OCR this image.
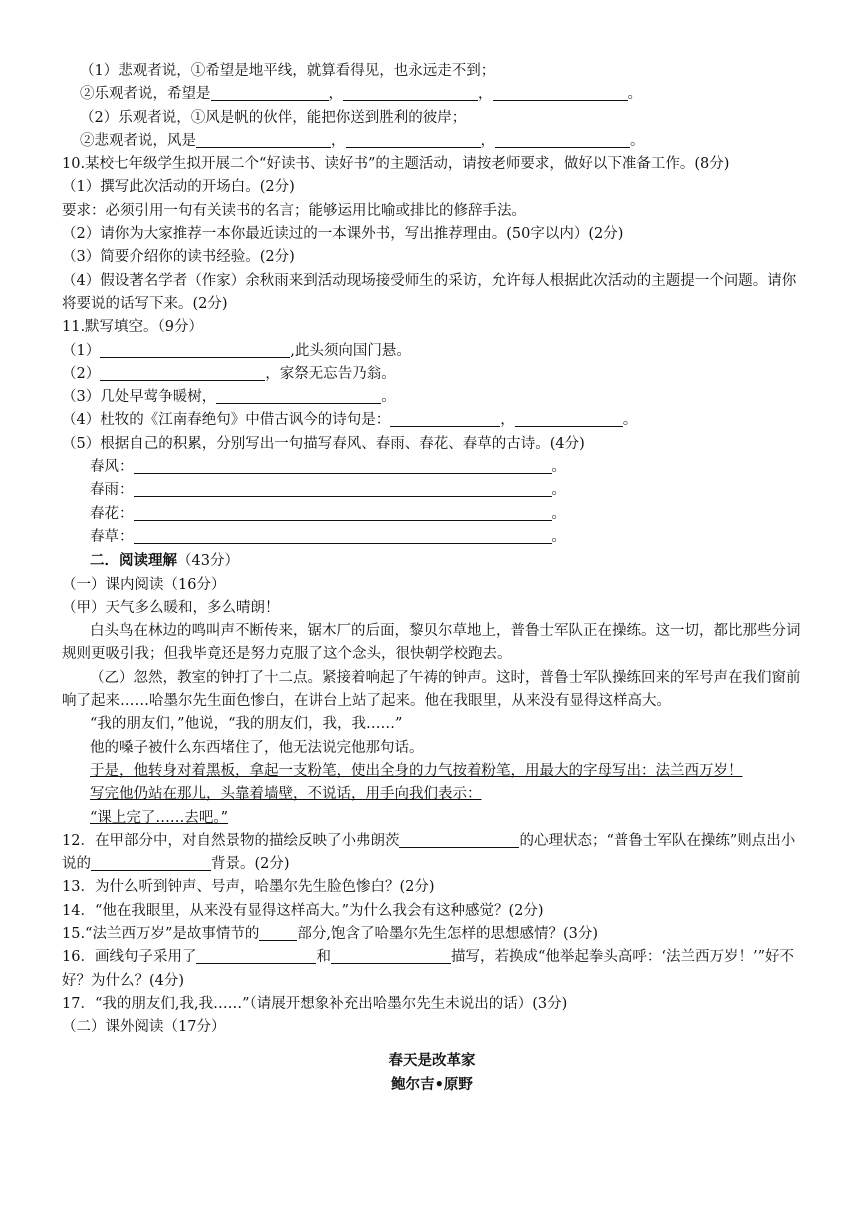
（1）悲观者说，①希望是地平线，就算看得见，也永远走不到；
②乐观者说，希望是	，	，	。
（2）乐观者说，①风是帆的伙伴，能把你送到胜利的彼岸；
②悲观者说，风是	，	，	。
10.某校七年级学生拟开展二个“好读书、读好书”的主题活动，请按老师要求，做好以下准备工作。(8分)
（1）撰写此次活动的开场白。(2分)
要求：必须引用一句有关读书的名言；能够运用比喻或排比的修辞手法。
（2）请你为大家推荐一本你最近读过的一本课外书，写出推荐理由。(50字以内）(2分)
（3）简要介绍你的读书经验。(2分)
（4）假设著名学者（作家）余秋雨来到活动现场接受师生的采访，允许每人根据此次活动的主题提一个问题。请你将要说的话写下来。(2分)
11.默写填空。（9分）
（1）	,此头须向国门悬。
（2）	，家祭无忘告乃翁。
（3）几处早莺争暖树，	。
（4）杜牧的《江南春绝句》中借古讽今的诗句是：	，	。
（5）根据自己的积累，分别写出一句描写春风、春雨、春花、春草的古诗。(4分)
春风：	。
春雨：	。
春花：	。
春草：	。
二．阅读理解（43分）
（一）课内阅读（16分）
（甲）天气多么暖和，多么晴朗！
白头鸟在林边的鸣叫声不断传来，锯木厂的后面，黎贝尔草地上，普鲁士军队正在操练。这一切，都比那些分词规则更吸引我；但我毕竟还是努力克服了这个念头，很快朝学校跑去。
（乙）忽然，教室的钟打了十二点。紧接着响起了午祷的钟声。这时，普鲁士军队操练回来的军号声在我们窗前响了起来……哈墨尔先生面色惨白，在讲台上站了起来。他在我眼里，从来没有显得这样高大。
“我的朋友们，”他说，“我的朋友们，我，我……”
他的嗓子被什么东西堵住了，他无法说完他那句话。
于是，他转身对着黑板，拿起一支粉笔，使出全身的力气按着粉笔，用最大的字母写出：法兰西万岁！
写完他仍站在那儿，头靠着墙壁，不说话，用手向我们表示：
“课上完了……去吧。”
12．在甲部分中，对自然景物的描绘反映了小弗朗茨	的心理状态；“普鲁士军队在操练”则点出小说的	背景。(2分)
13．为什么听到钟声、号声，哈墨尔先生脸色惨白？(2分)
14．“他在我眼里，从来没有显得这样高大。”为什么我会有这种感觉？(2分)
15.“法兰西万岁”是故事情节的	部分,饱含了哈墨尔先生怎样的思想感情？(3分)
16．画线句子采用了	和	描写，若换成“他举起拳头高呼：‘法兰西万岁！’”好不好？为什么？(4分)
17．“我的朋友们,我,我……”（请展开想象补充出哈墨尔先生未说出的话）(3分)
（二）课外阅读（17分）
春天是改革家
鲍尔吉•原野
